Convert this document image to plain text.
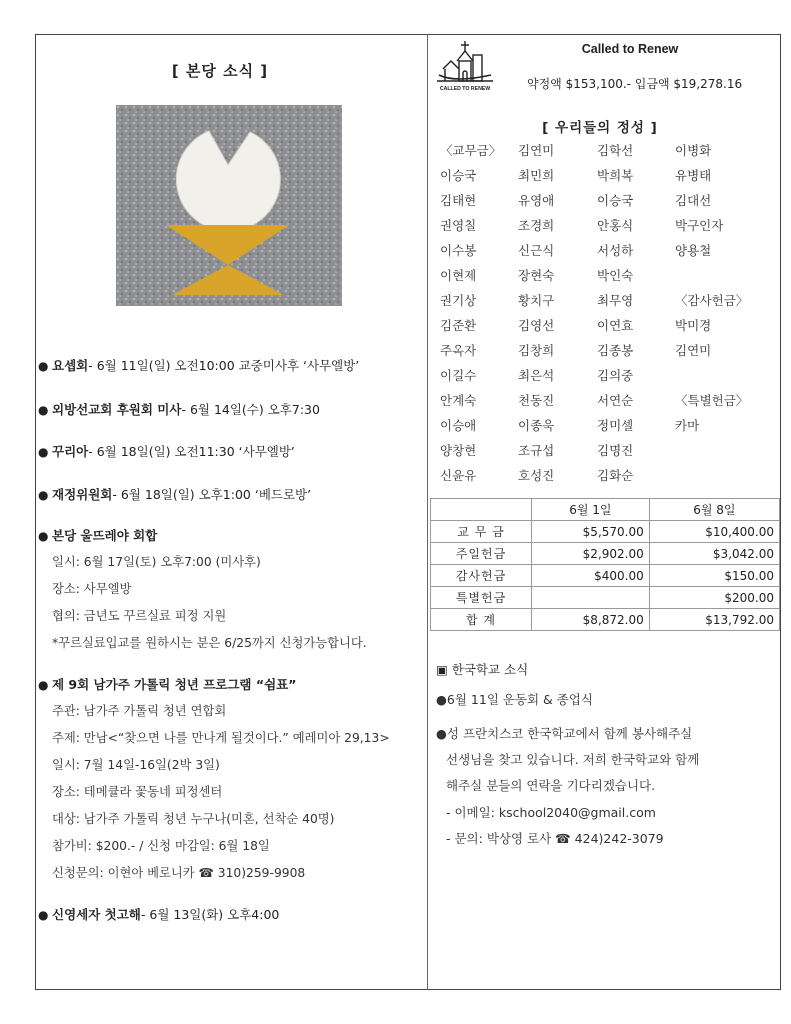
[ 본당 소식 ]
● 요셉회- 6월 11일(일) 오전10:00 교중미사후 ‘사무엘방’
● 외방선교회 후원회 미사- 6월 14일(수) 오후7:30
● 꾸리아- 6월 18일(일) 오전11:30 ‘사무엘방’
● 재정위원회- 6월 18일(일) 오후1:00 ‘베드로방’
● 본당 울뜨레야 회합
일시: 6월 17일(토) 오후7:00 (미사후)
장소: 사무엘방
협의: 금년도 꾸르실료 피정 지원
*꾸르실료입교를 원하시는 분은 6/25까지 신청가능합니다.
● 제 9회 남가주 가톨릭 청년 프로그램 “쉼표”
주관: 남가주 가톨릭 청년 연합회
주제: 만남<“찾으면 나를 만나게 될것이다.” 예레미아 29,13>
일시: 7월 14일-16일(2박 3일)
장소: 테메큘라 꽃동네 피정센터
대상: 남가주 가톨릭 청년 누구나(미혼, 선착순 40명)
참가비: $200.- / 신청 마감일: 6월 18일
신청문의: 이현아 베로니카 ☎ 310)259-9908
● 신영세자 첫고해- 6월 13일(화) 오후4:00
CALLED TO RENEW
Called to Renew
약정액 $153,100.- 입금액 $19,278.16
[ 우리들의 정성 ]
〈교무금〉 김연미	김학선	이병화
이승국	최민희	박희복	유병태
김태현	유영애	이승국	김대선
권영칠	조경희	안홍식	박구인자
이수봉	신근식	서성하	양용철
이현제	장현숙	박인숙
권기상	황치구	최무영	〈감사헌금〉
김준환	김영선	이연효	박미경
주옥자	김창희	김종봉	김연미
이길수	최은석	김의중
안계숙	천동진	서연순	〈특별헌금〉
이승애	이종욱	정미셀	카마
양창현	조규섭	김명진
신윤유	호성진	김화순
	6월 1일	6월 8일
교 무 금	$5,570.00	$10,400.00
주일헌금	$2,902.00	$3,042.00
감사헌금	$400.00	$150.00
특별헌금		$200.00
합 계	$8,872.00	$13,792.00
▣ 한국학교 소식
●6월 11일 운동회 & 종업식
●성 프란치스코 한국학교에서 함께 봉사해주실
선생님을 찾고 있습니다. 저희 한국학교와 함께
해주실 분들의 연락을 기다리겠습니다.
- 이메일: kschool2040@gmail.com
- 문의: 박상영 로사 ☎ 424)242-3079
